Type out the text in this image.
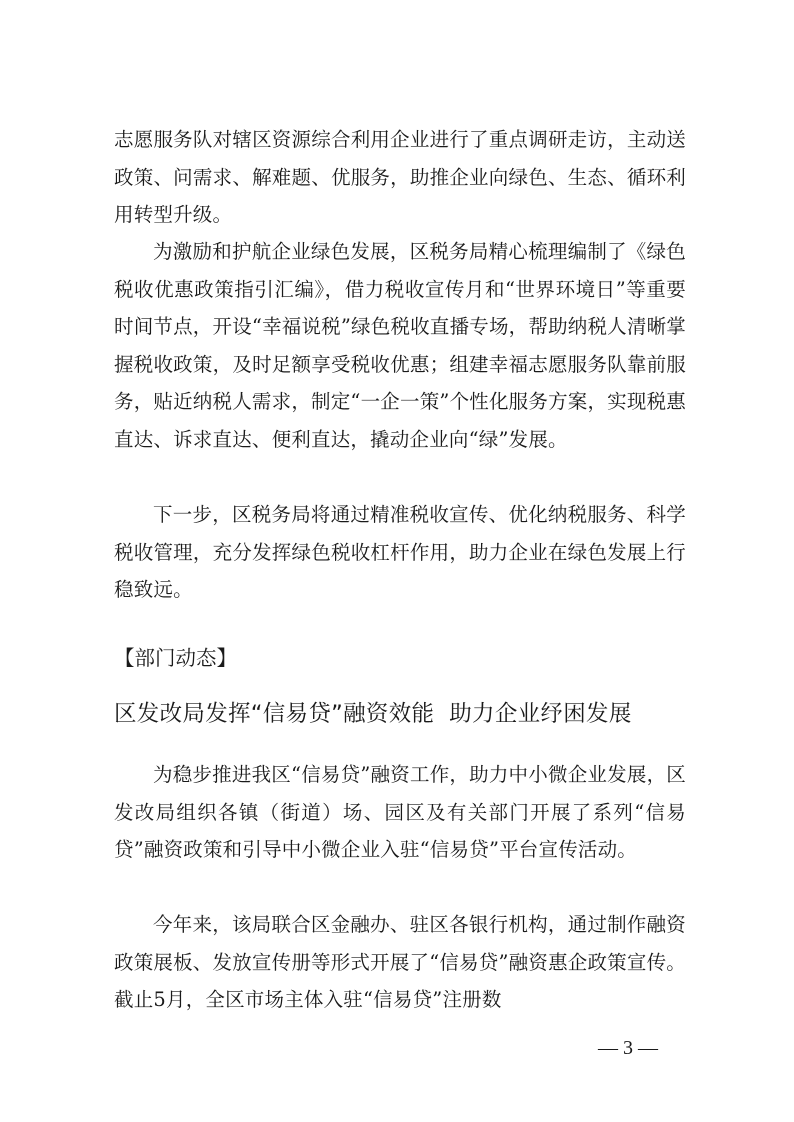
志愿服务队对辖区资源综合利用企业进行了重点调研走访，主动送政策、问需求、解难题、优服务，助推企业向绿色、生态、循环利用转型升级。

为激励和护航企业绿色发展，区税务局精心梳理编制了《绿色税收优惠政策指引汇编》，借力税收宣传月和“世界环境日”等重要时间节点，开设“幸福说税”绿色税收直播专场，帮助纳税人清晰掌握税收政策，及时足额享受税收优惠；组建幸福志愿服务队靠前服务，贴近纳税人需求，制定“一企一策”个性化服务方案，实现税惠直达、诉求直达、便利直达，撬动企业向“绿”发展。

下一步，区税务局将通过精准税收宣传、优化纳税服务、科学税收管理，充分发挥绿色税收杠杆作用，助力企业在绿色发展上行稳致远。

【部门动态】

区发改局发挥“信易贷”融资效能  助力企业纾困发展

为稳步推进我区“信易贷”融资工作，助力中小微企业发展，区发改局组织各镇（街道）场、园区及有关部门开展了系列“信易贷”融资政策和引导中小微企业入驻“信易贷”平台宣传活动。

今年来，该局联合区金融办、驻区各银行机构，通过制作融资政策展板、发放宣传册等形式开展了“信易贷”融资惠企政策宣传。截止5月，全区市场主体入驻“信易贷”注册数

— 3 —
